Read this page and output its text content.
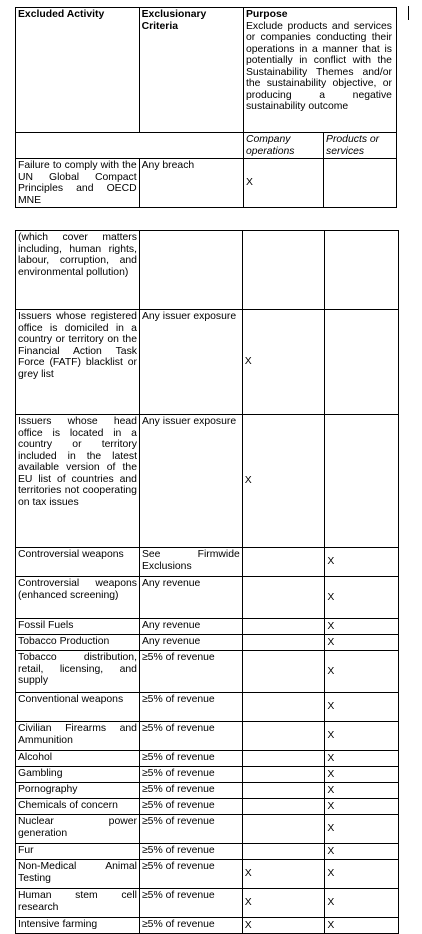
Excluded Activity	Exclusionary Criteria	Purpose
Exclude products and services or companies conducting their operations in a manner that is potentially in conflict with the Sustainability Themes and/or the sustainability objective, or producing a negative sustainability outcome	

		Company operations	Products or services
Failure to comply with the UN Global Compact Principles and OECD MNE	Any breach	X	
(which cover matters including, human rights, labour, corruption, and environmental pollution)			
Issuers whose registered office is domiciled in a country or territory on the Financial Action Task Force (FATF) blacklist or grey list	Any issuer exposure	X	
Issuers whose head office is located in a country or territory included in the latest available version of the EU list of countries and territories not cooperating on tax issues	Any issuer exposure	X	
Controversial weapons	See Firmwide Exclusions		X
Controversial weapons (enhanced screening)	Any revenue		X
Fossil Fuels	Any revenue		X
Tobacco Production	Any revenue		X
Tobacco distribution, retail, licensing, and supply	≥5% of revenue		X
Conventional weapons	≥5% of revenue		X
Civilian Firearms and Ammunition	≥5% of revenue		X
Alcohol	≥5% of revenue		X
Gambling	≥5% of revenue		X
Pornography	≥5% of revenue		X
Chemicals of concern	≥5% of revenue		X
Nuclear power generation	≥5% of revenue		X
Fur	≥5% of revenue		X
Non-Medical Animal Testing	≥5% of revenue	X	X
Human stem cell research	≥5% of revenue	X	X
Intensive farming	≥5% of revenue	X	X
